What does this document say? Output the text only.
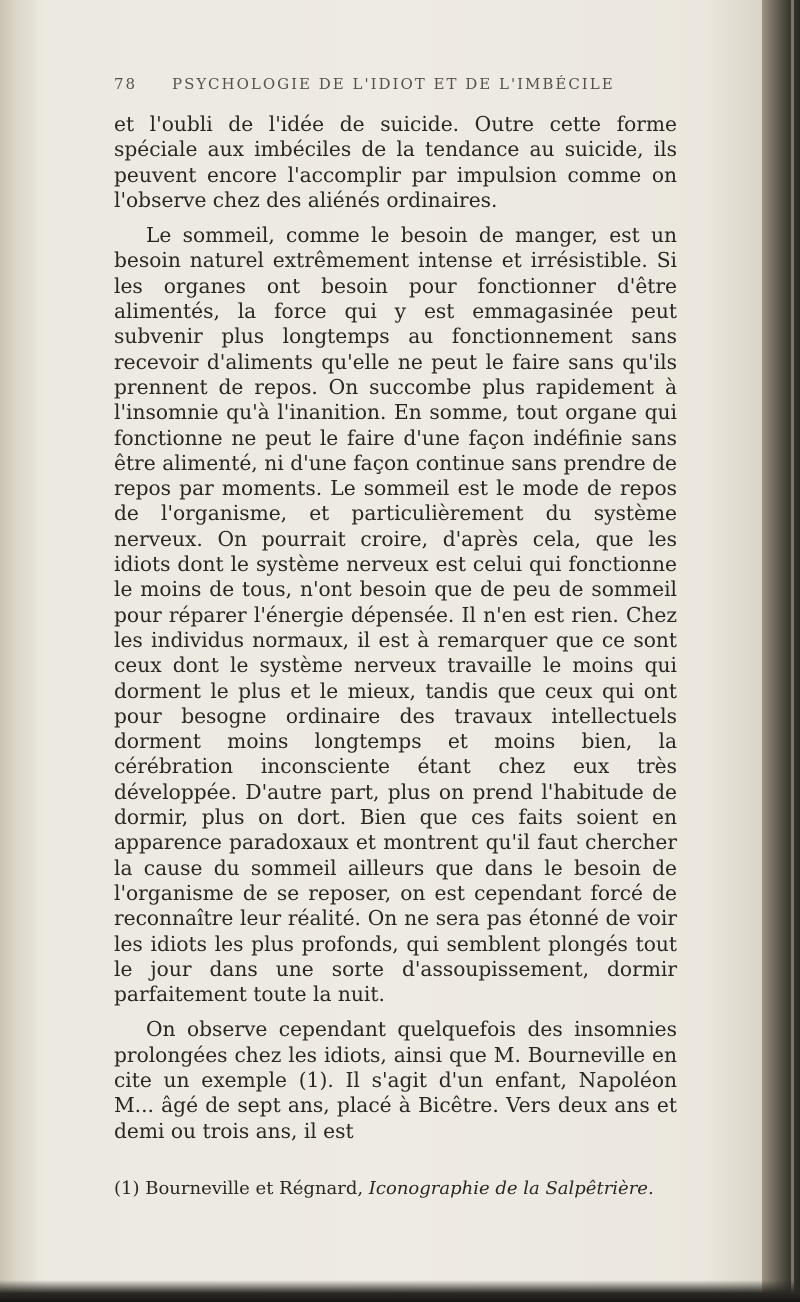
78 PSYCHOLOGIE DE L'IDIOT ET DE L'IMBÉCILE

et l'oubli de l'idée de suicide. Outre cette forme spéciale aux imbéciles de la tendance au suicide, ils peuvent encore l'accomplir par impulsion comme on l'observe chez des aliénés ordinaires.

Le sommeil, comme le besoin de manger, est un besoin naturel extrêmement intense et irrésistible. Si les organes ont besoin pour fonctionner d'être alimentés, la force qui y est emmagasinée peut subvenir plus longtemps au fonctionnement sans recevoir d'aliments qu'elle ne peut le faire sans qu'ils prennent de repos. On succombe plus rapidement à l'insomnie qu'à l'inanition. En somme, tout organe qui fonctionne ne peut le faire d'une façon indéfinie sans être alimenté, ni d'une façon continue sans prendre de repos par moments. Le sommeil est le mode de repos de l'organisme, et particulièrement du système nerveux. On pourrait croire, d'après cela, que les idiots dont le système nerveux est celui qui fonctionne le moins de tous, n'ont besoin que de peu de sommeil pour réparer l'énergie dépensée. Il n'en est rien. Chez les individus normaux, il est à remarquer que ce sont ceux dont le système nerveux travaille le moins qui dorment le plus et le mieux, tandis que ceux qui ont pour besogne ordinaire des travaux intellectuels dorment moins longtemps et moins bien, la cérébration inconsciente étant chez eux très développée. D'autre part, plus on prend l'habitude de dormir, plus on dort. Bien que ces faits soient en apparence paradoxaux et montrent qu'il faut chercher la cause du sommeil ailleurs que dans le besoin de l'organisme de se reposer, on est cependant forcé de reconnaître leur réalité. On ne sera pas étonné de voir les idiots les plus profonds, qui semblent plongés tout le jour dans une sorte d'assoupissement, dormir parfaitement toute la nuit.

On observe cependant quelquefois des insomnies prolongées chez les idiots, ainsi que M. Bourneville en cite un exemple (1). Il s'agit d'un enfant, Napoléon M... âgé de sept ans, placé à Bicêtre. Vers deux ans et demi ou trois ans, il est

(1) Bourneville et Régnard, Iconographie de la Salpêtrière.
